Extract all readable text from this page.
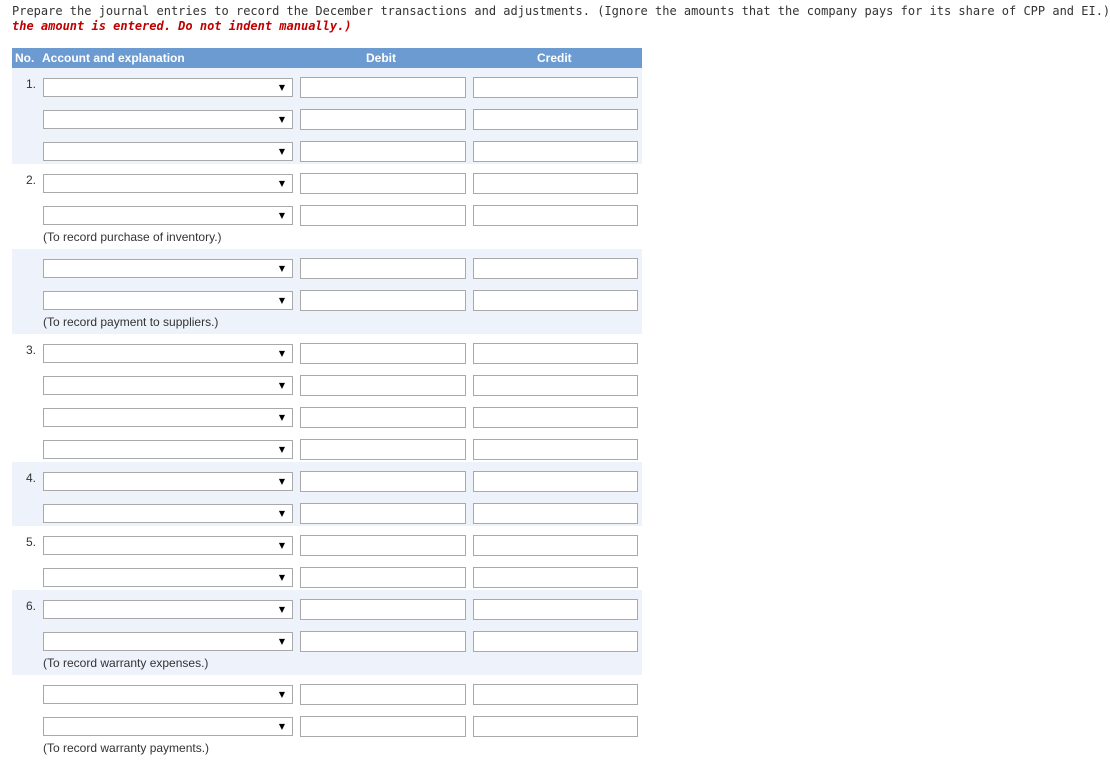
Prepare the journal entries to record the December transactions and adjustments. (Ignore the amounts that the company pays for its share of CPP and EI.)
the amount is entered. Do not indent manually.)
No. Account and explanation	Debit	Credit
1.	▼
▼
▼
2.	▼
▼
(To record purchase of inventory.)
▼
▼
(To record payment to suppliers.)
3.	▼
▼
▼
▼
4.	▼
▼
5.	▼
▼
6.	▼
▼
(To record warranty expenses.)
▼
▼
(To record warranty payments.)
